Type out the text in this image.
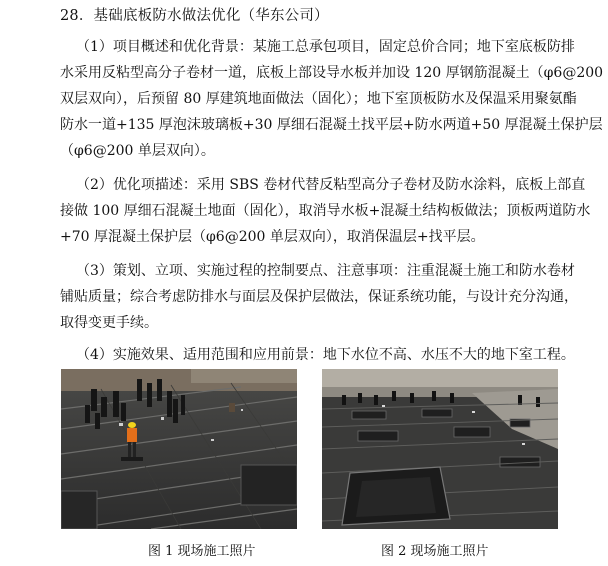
28．基础底板防水做法优化（华东公司）

（1）项目概述和优化背景：某施工总承包项目，固定总价合同；地下室底板防排
水采用反粘型高分子卷材一道，底板上部设导水板并加设 120 厚钢筋混凝土（φ6@200
双层双向），后预留 80 厚建筑地面做法（固化）；地下室顶板防水及保温采用聚氨酯
防水一道+135 厚泡沫玻璃板+30 厚细石混凝土找平层+防水两道+50 厚混凝土保护层
（φ6@200 单层双向）。

（2）优化项描述：采用 SBS 卷材代替反粘型高分子卷材及防水涂料，底板上部直
接做 100 厚细石混凝土地面（固化），取消导水板+混凝土结构板做法；顶板两道防水
+70 厚混凝土保护层（φ6@200 单层双向），取消保温层+找平层。

（3）策划、立项、实施过程的控制要点、注意事项：注重混凝土施工和防水卷材
铺贴质量；综合考虑防排水与面层及保护层做法，保证系统功能，与设计充分沟通，
取得变更手续。

（4）实施效果、适用范围和应用前景：地下水位不高、水压不大的地下室工程。

图 1 现场施工照片	图 2 现场施工照片
